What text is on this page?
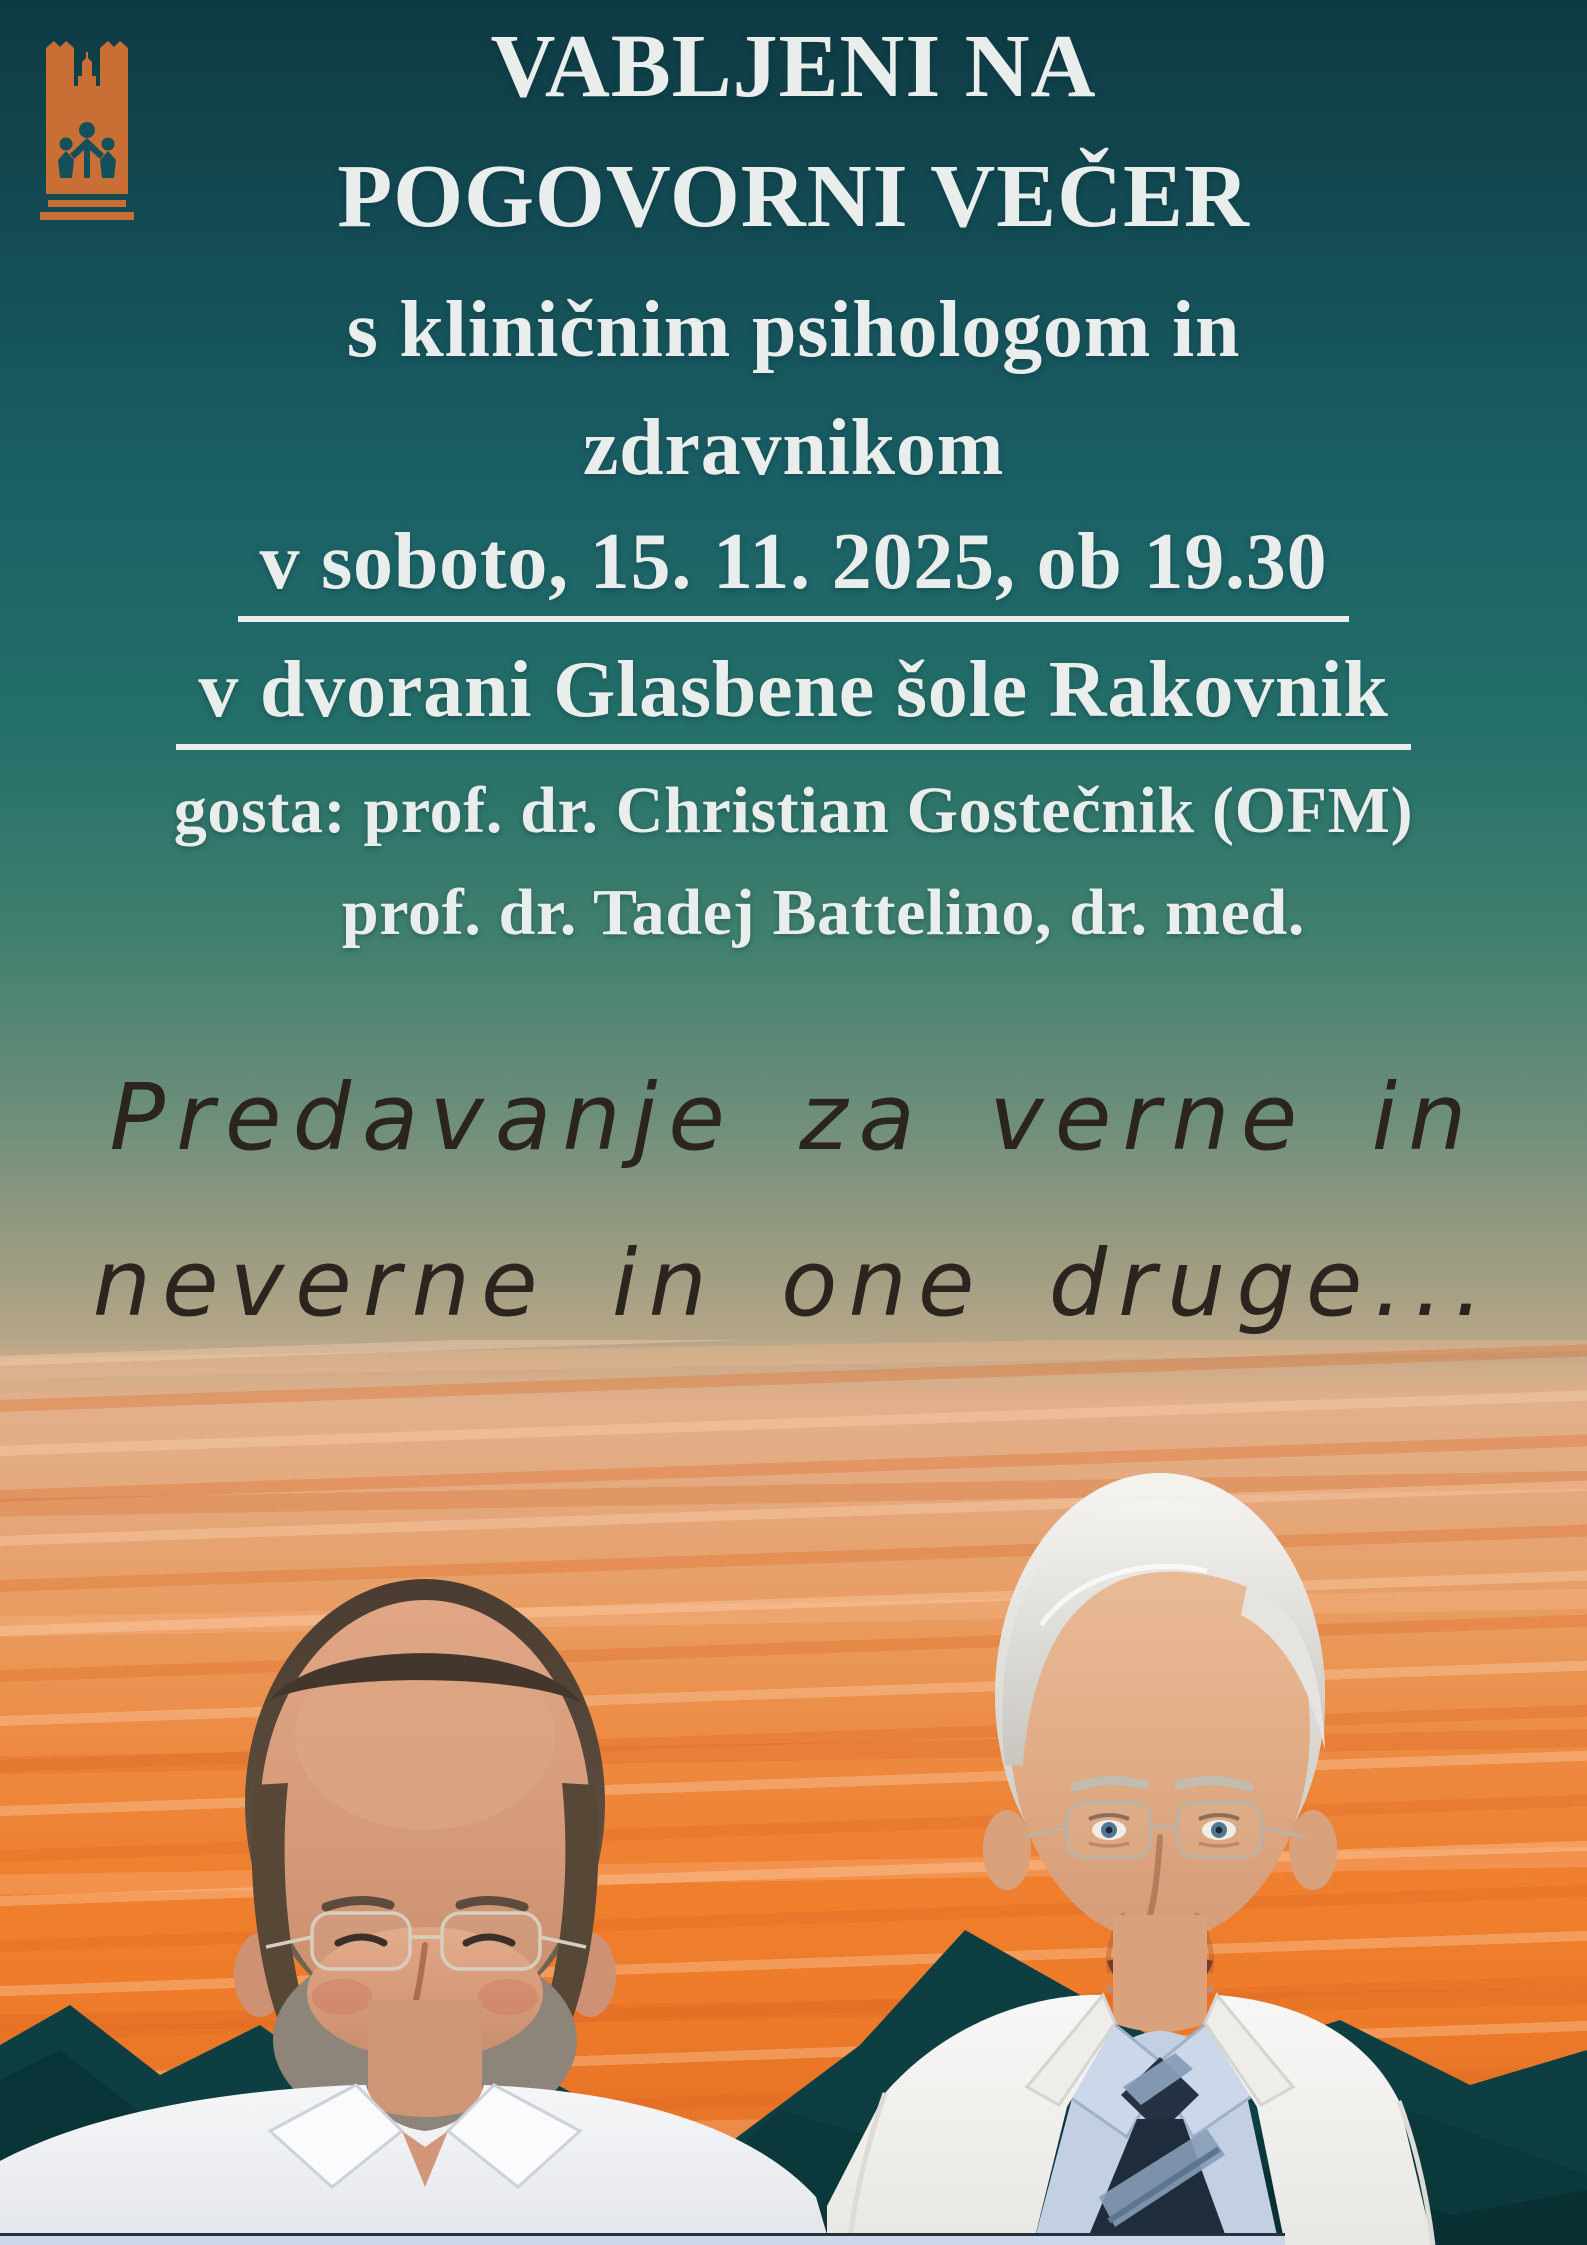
VABLJENI NA
POGOVORNI VEČER
s kliničnim psihologom in
zdravnikom
v soboto, 15. 11. 2025, ob 19.30
v dvorani Glasbene šole Rakovnik
gosta: prof. dr. Christian Gostečnik (OFM)
prof. dr. Tadej Battelino, dr. med.
Predavanje za verne in
neverne in one druge...
